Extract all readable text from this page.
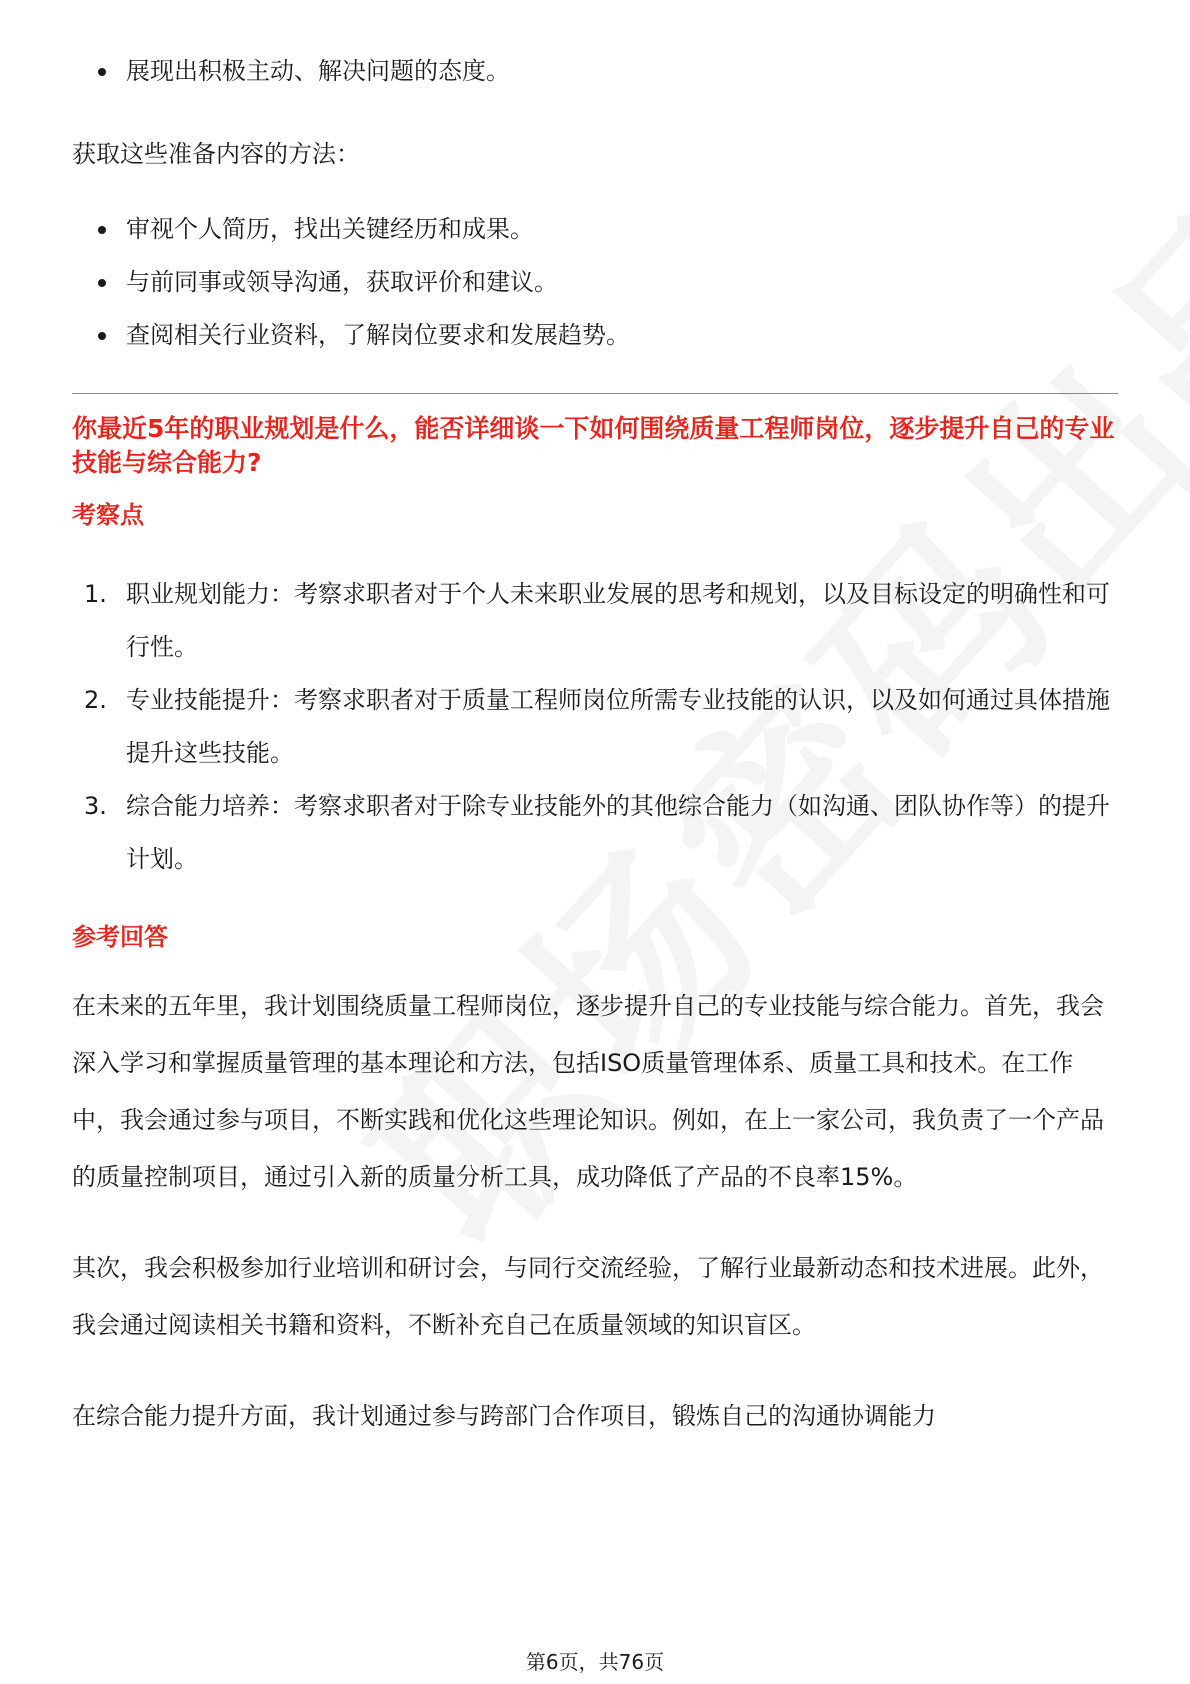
展现出积极主动、解决问题的态度。

获取这些准备内容的方法：

审视个人简历，找出关键经历和成果。
与前同事或领导沟通，获取评价和建议。
查阅相关行业资料，了解岗位要求和发展趋势。

你最近5年的职业规划是什么，能否详细谈一下如何围绕质量工程师岗位，逐步提升自己的专业技能与综合能力?

考察点

1. 职业规划能力：考察求职者对于个人未来职业发展的思考和规划，以及目标设定的明确性和可行性。
2. 专业技能提升：考察求职者对于质量工程师岗位所需专业技能的认识，以及如何通过具体措施提升这些技能。
3. 综合能力培养：考察求职者对于除专业技能外的其他综合能力（如沟通、团队协作等）的提升计划。

参考回答

在未来的五年里，我计划围绕质量工程师岗位，逐步提升自己的专业技能与综合能力。首先，我会深入学习和掌握质量管理的基本理论和方法，包括ISO质量管理体系、质量工具和技术。在工作中，我会通过参与项目，不断实践和优化这些理论知识。例如，在上一家公司，我负责了一个产品的质量控制项目，通过引入新的质量分析工具，成功降低了产品的不良率15%。

其次，我会积极参加行业培训和研讨会，与同行交流经验，了解行业最新动态和技术进展。此外，我会通过阅读相关书籍和资料，不断补充自己在质量领域的知识盲区。

在综合能力提升方面，我计划通过参与跨部门合作项目，锻炼自己的沟通协调能力

第6页，共76页
